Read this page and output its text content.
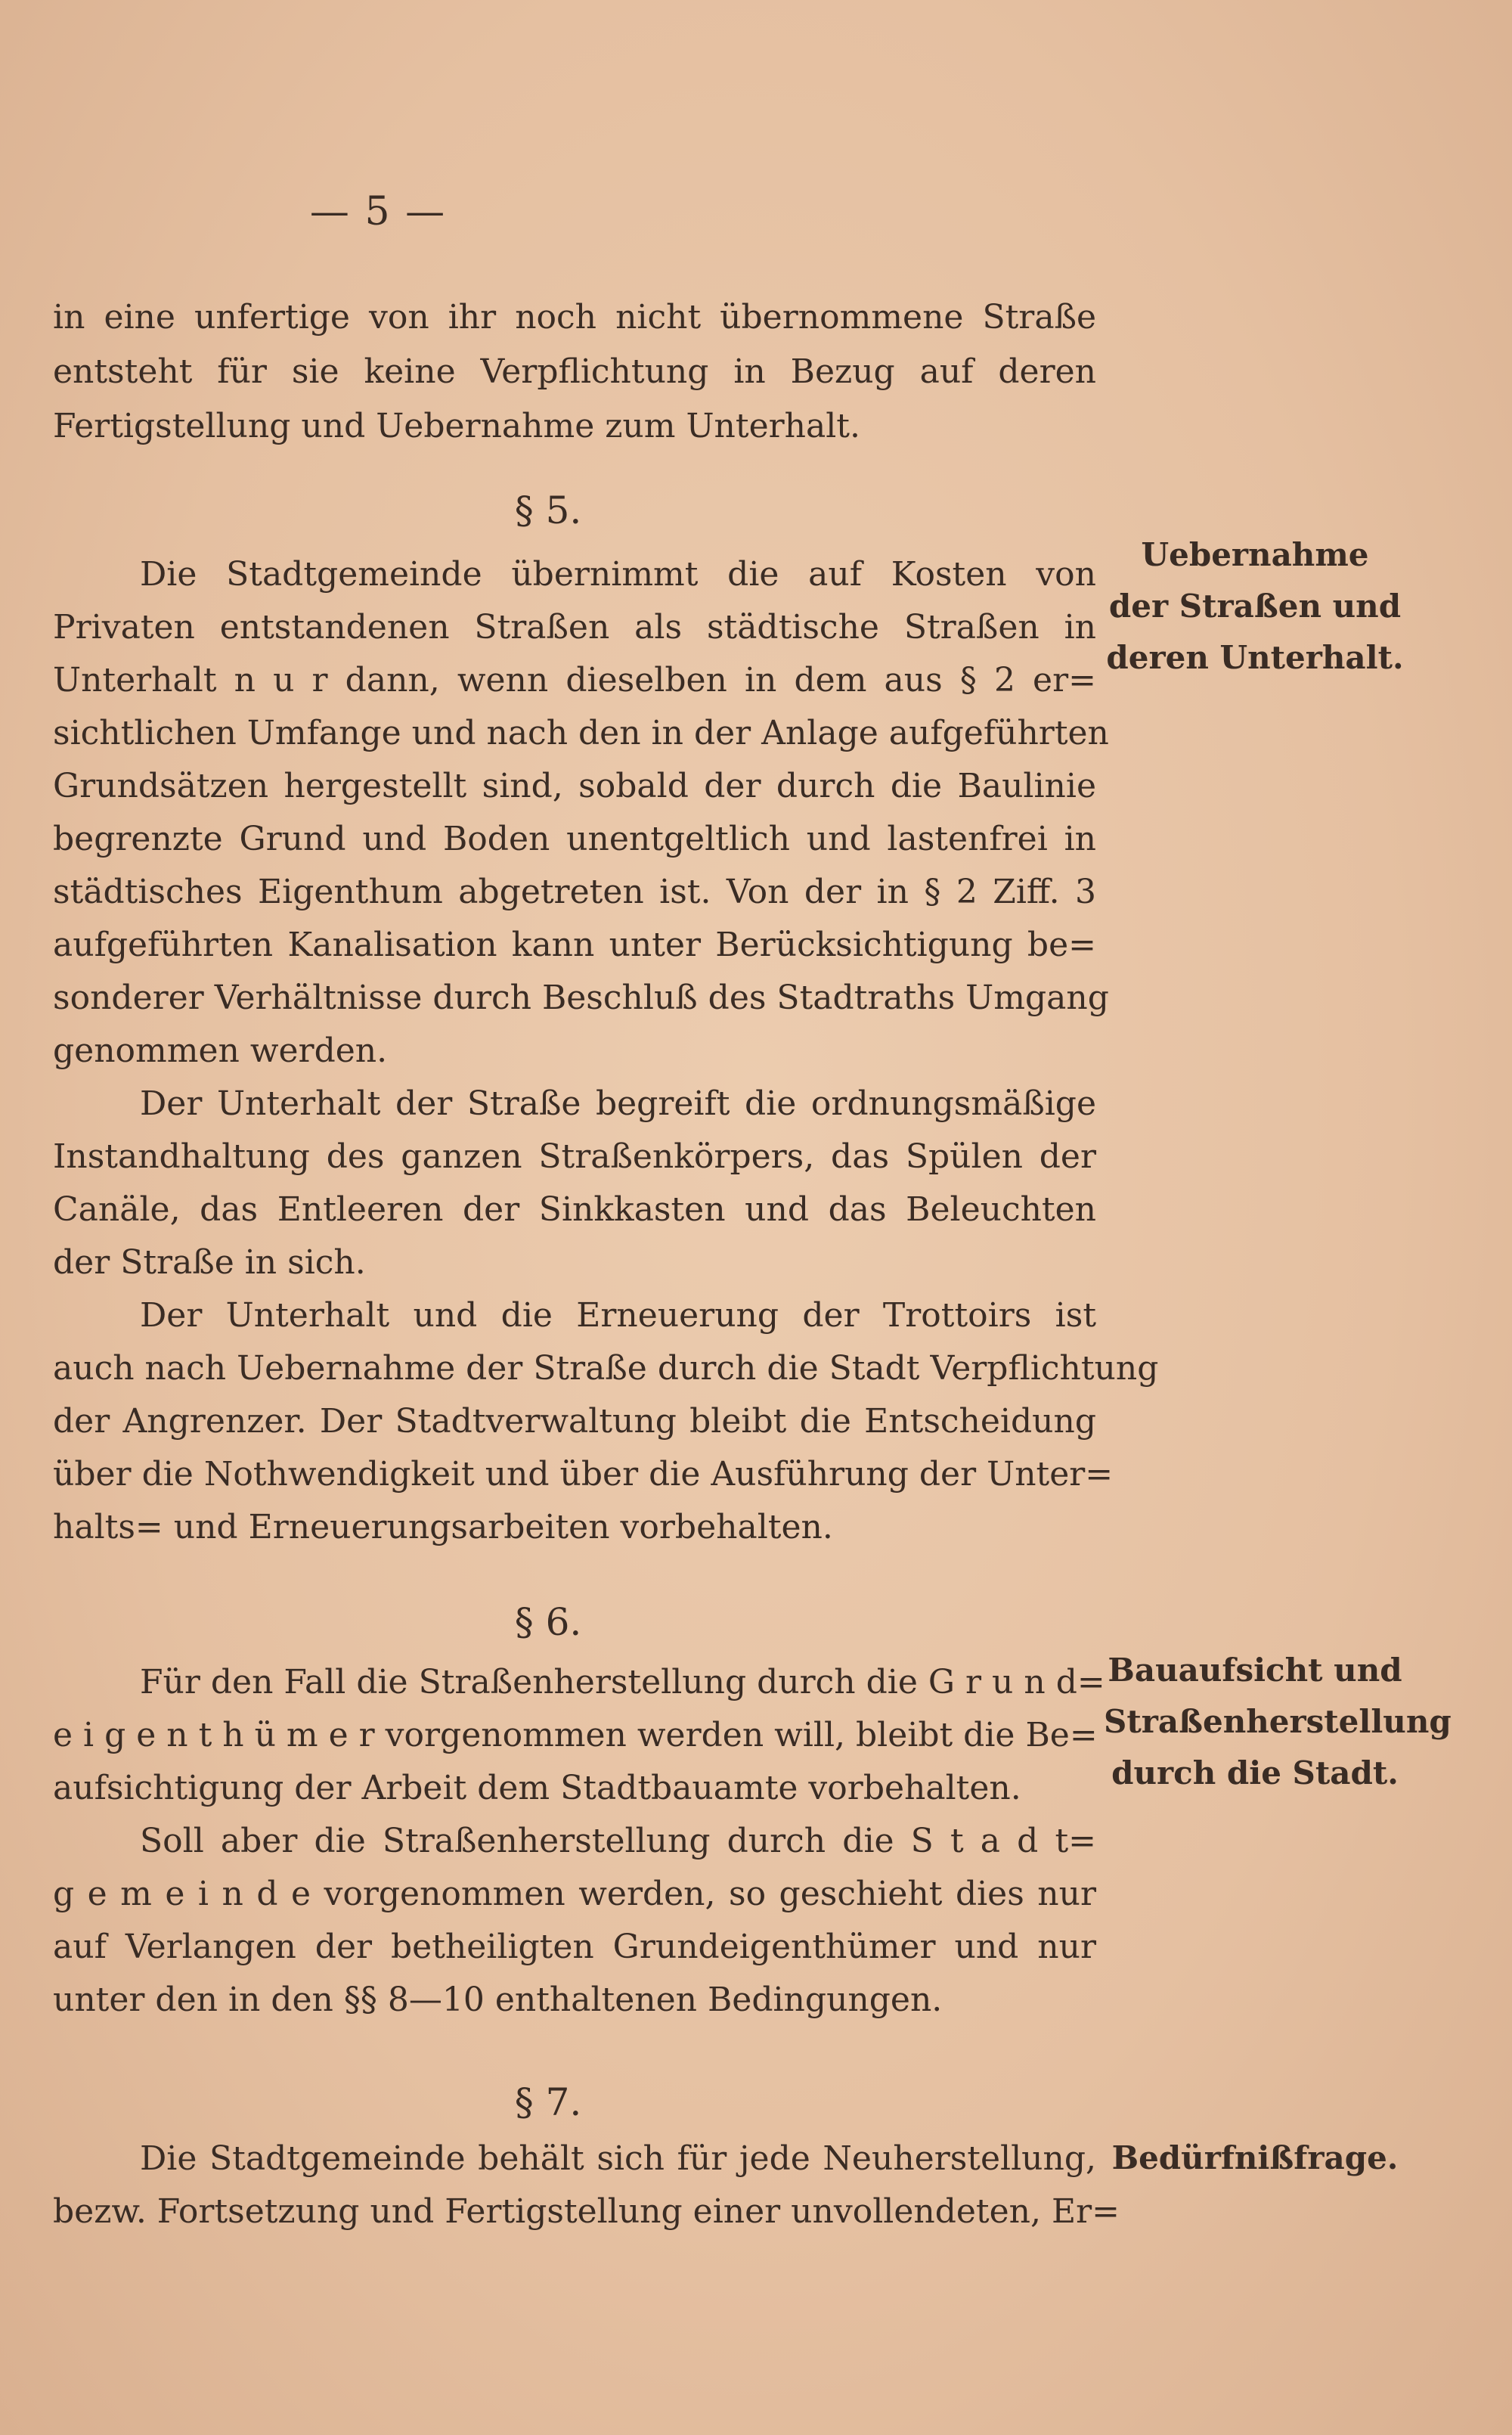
— 5 —
in eine unfertige von ihr noch nicht übernommene Straße
entsteht für sie keine Verpflichtung in Bezug auf deren
Fertigstellung und Uebernahme zum Unterhalt.
§ 5.
Uebernahme
der Straßen und
deren Unterhalt.
Die Stadtgemeinde übernimmt die auf Kosten von
Privaten entstandenen Straßen als städtische Straßen in
Unterhalt n u r dann, wenn dieselben in dem aus § 2 er=
sichtlichen Umfange und nach den in der Anlage aufgeführten
Grundsätzen hergestellt sind, sobald der durch die Baulinie
begrenzte Grund und Boden unentgeltlich und lastenfrei in
städtisches Eigenthum abgetreten ist. Von der in § 2 Ziff. 3
aufgeführten Kanalisation kann unter Berücksichtigung be=
sonderer Verhältnisse durch Beschluß des Stadtraths Umgang
genommen werden.
Der Unterhalt der Straße begreift die ordnungsmäßige
Instandhaltung des ganzen Straßenkörpers, das Spülen der
Canäle, das Entleeren der Sinkkasten und das Beleuchten
der Straße in sich.
Der Unterhalt und die Erneuerung der Trottoirs ist
auch nach Uebernahme der Straße durch die Stadt Verpflichtung
der Angrenzer. Der Stadtverwaltung bleibt die Entscheidung
über die Nothwendigkeit und über die Ausführung der Unter=
halts= und Erneuerungsarbeiten vorbehalten.
§ 6.
Bauaufsicht und
Straßenherstellung
durch die Stadt.
Für den Fall die Straßenherstellung durch die G r u n d=
e i g e n t h ü m e r vorgenommen werden will, bleibt die Be=
aufsichtigung der Arbeit dem Stadtbauamte vorbehalten.
Soll aber die Straßenherstellung durch die S t a d t=
g e m e i n d e vorgenommen werden, so geschieht dies nur
auf Verlangen der betheiligten Grundeigenthümer und nur
unter den in den §§ 8—10 enthaltenen Bedingungen.
§ 7.
Bedürfnißfrage.
Die Stadtgemeinde behält sich für jede Neuherstellung,
bezw. Fortsetzung und Fertigstellung einer unvollendeten, Er=
